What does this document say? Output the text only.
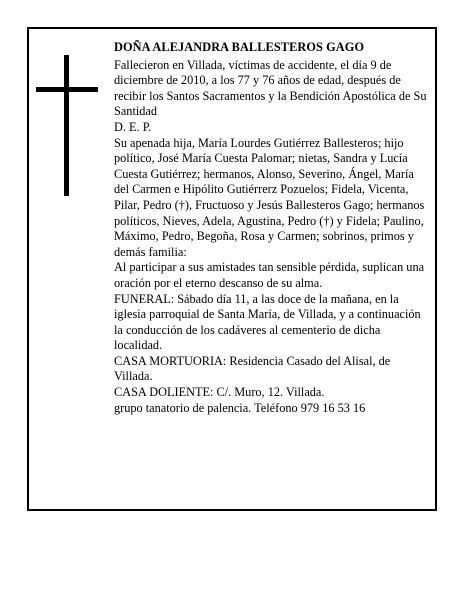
DOÑA ALEJANDRA BALLESTEROS GAGO

Fallecieron en Villada, víctimas de accidente, el día 9 de diciembre de 2010, a los 77 y 76 años de edad, después de recibir los Santos Sacramentos y la Bendición Apostólica de Su Santidad

D. E. P.

Su apenada hija, María Lourdes Gutiérrez Ballesteros; hijo político, José María Cuesta Palomar; nietas, Sandra y Lucía Cuesta Gutiérrez; hermanos, Alonso, Severino, Ángel, María del Carmen e Hipólito Gutiérrerz Pozuelos; Fidela, Vicenta, Pilar, Pedro (†), Fructuoso y Jesús Ballesteros Gago; hermanos políticos, Nieves, Adela, Agustina, Pedro (†) y Fidela; Paulino, Máximo, Pedro, Begoña, Rosa y Carmen; sobrinos, primos y demás familia:

Al participar a sus amistades tan sensible pérdida, suplican una oración por el eterno descanso de su alma.

FUNERAL: Sábado día 11, a las doce de la mañana, en la iglesia parroquial de Santa María, de Villada, y a continuación la conducción de los cadáveres al cementerio de dicha localidad.

CASA MORTUORIA: Residencia Casado del Alisal, de Villada.

CASA DOLIENTE: C/. Muro, 12. Villada.

grupo tanatorio de palencia. Teléfono 979 16 53 16
